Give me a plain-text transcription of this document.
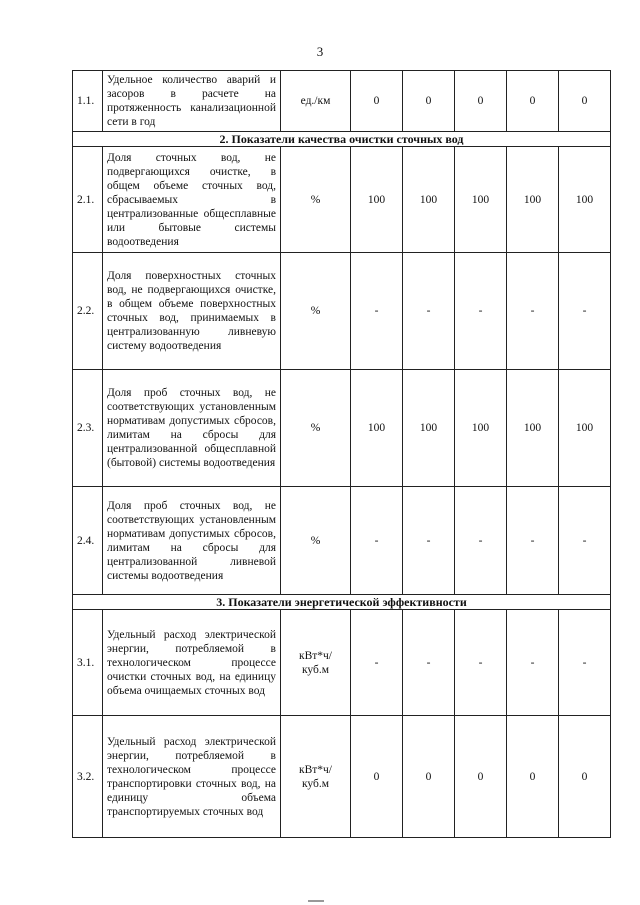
3
1.1.	Удельное количество аварий и засоров в расчете на протяженность канализационной сети в год	ед./км	0	0	0	0	0
2. Показатели качества очистки сточных вод							
2.1.	Доля сточных вод, не подвергающихся очистке, в общем объеме сточных вод, сбрасываемых в централизованные общесплавные или бытовые системы водоотведения	%	100	100	100	100	100
2.2.	Доля поверхностных сточных вод, не подвергающихся очистке, в общем объеме поверхностных сточных вод, принимаемых в централизованную ливневую систему водоотведения	%	-	-	-	-	-
2.3.	Доля проб сточных вод, не соответствующих установленным нормативам допустимых сбросов, лимитам на сбросы для централизованной общесплавной (бытовой) системы водоотведения	%	100	100	100	100	100
2.4.	Доля проб сточных вод, не соответствующих установленным нормативам допустимых сбросов, лимитам на сбросы для централизованной ливневой системы водоотведения	%	-	-	-	-	-
3. Показатели энергетической эффективности							
3.1.	Удельный расход электрической энергии, потребляемой в технологическом процессе очистки сточных вод, на единицу объема очищаемых сточных вод	кВт*ч/ куб.м	-	-	-	-	-
3.2.	Удельный расход электрической энергии, потребляемой в технологическом процессе транспортировки сточных вод, на единицу объема транспортируемых сточных вод	кВт*ч/ куб.м	0	0	0	0	0
